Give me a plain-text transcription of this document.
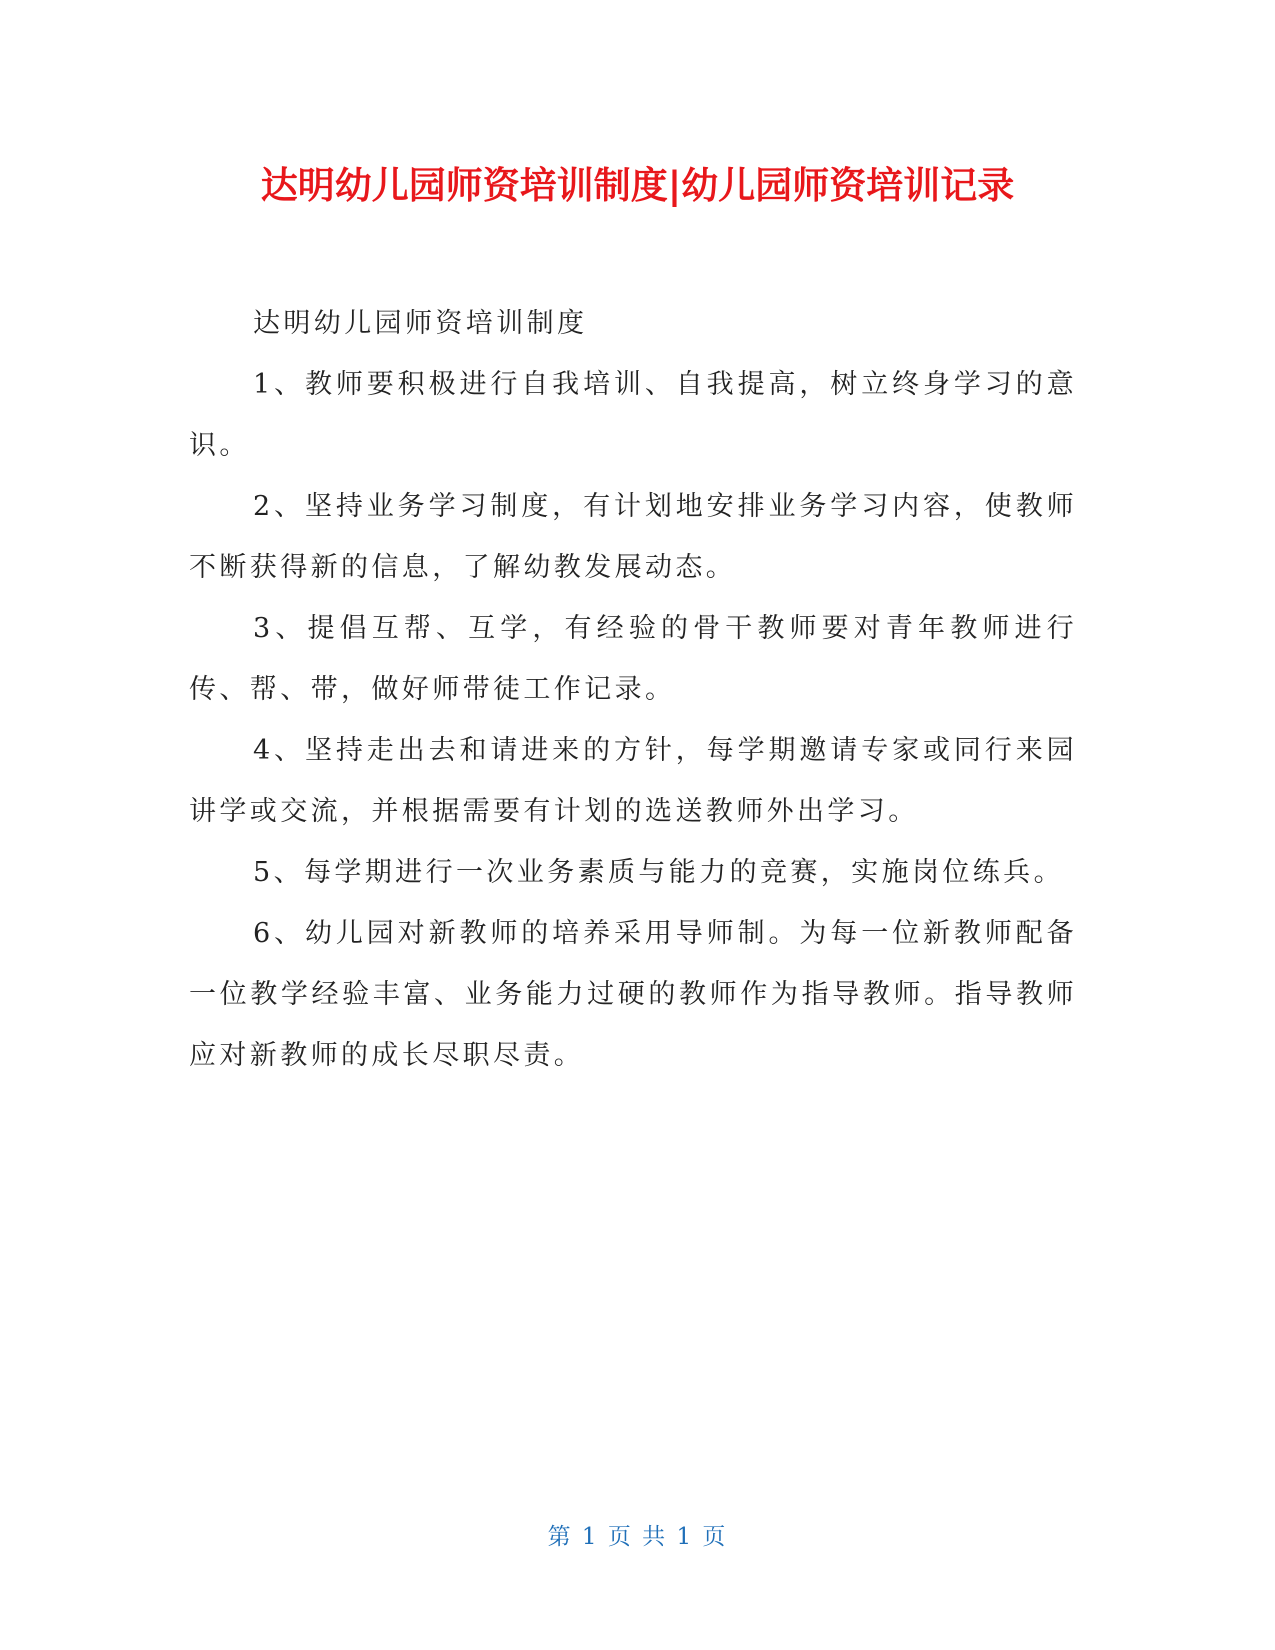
达明幼儿园师资培训制度|幼儿园师资培训记录

达明幼儿园师资培训制度

1、教师要积极进行自我培训、自我提高，树立终身学习的意识。

2、坚持业务学习制度，有计划地安排业务学习内容，使教师不断获得新的信息，了解幼教发展动态。

3、提倡互帮、互学，有经验的骨干教师要对青年教师进行传、帮、带，做好师带徒工作记录。

4、坚持走出去和请进来的方针，每学期邀请专家或同行来园讲学或交流，并根据需要有计划的选送教师外出学习。

5、每学期进行一次业务素质与能力的竞赛，实施岗位练兵。

6、幼儿园对新教师的培养采用导师制。为每一位新教师配备一位教学经验丰富、业务能力过硬的教师作为指导教师。指导教师应对新教师的成长尽职尽责。

第 1 页 共 1 页
